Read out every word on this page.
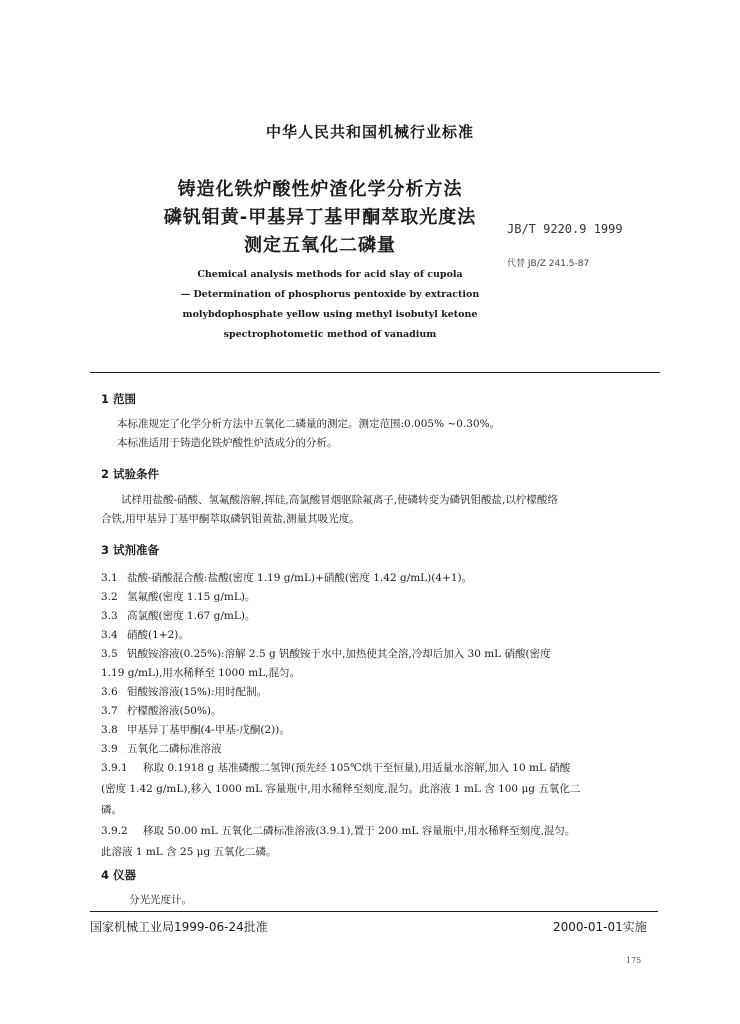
中华人民共和国机械行业标准
铸造化铁炉酸性炉渣化学分析方法
磷钒钼黄-甲基异丁基甲酮萃取光度法
测定五氧化二磷量
JB/T 9220.9 1999
代替 JB/Z 241.5-87
Chemical analysis methods for acid slay of cupola
— Determination of phosphorus pentoxide by extraction
molybdophosphate yellow using methyl isobutyl ketone
spectrophotometic method of vanadium
1 范围
本标准规定了化学分析方法中五氧化二磷量的测定。测定范围:0.005% ~0.30%。
本标准适用于铸造化铁炉酸性炉渣成分的分析。
2 试验条件
试样用盐酸-硝酸、氢氟酸溶解,挥硅,高氯酸冒烟驱除氟离子,使磷转变为磷钒钼酸盐,以柠檬酸络
合铁,用甲基异丁基甲酮萃取磷钒钼黄盐,测量其吸光度。
3 试剂准备
3.1 盐酸-硝酸混合酸:盐酸(密度 1.19 g/mL)+硝酸(密度 1.42 g/mL)(4+1)。
3.2 氢氟酸(密度 1.15 g/mL)。
3.3 高氯酸(密度 1.67 g/mL)。
3.4 硝酸(1+2)。
3.5 钒酸铵溶液(0.25%):溶解 2.5 g 钒酸铵于水中,加热使其全溶,冷却后加入 30 mL 硝酸(密度
1.19 g/mL),用水稀释至 1000 mL,混匀。
3.6 钼酸铵溶液(15%):用时配制。
3.7 柠檬酸溶液(50%)。
3.8 甲基异丁基甲酮(4-甲基-戊酮(2))。
3.9 五氧化二磷标准溶液
3.9.1 称取 0.1918 g 基准磷酸二氢钾(预先经 105℃烘干至恒量),用适量水溶解,加入 10 mL 硝酸
(密度 1.42 g/mL),移入 1000 mL 容量瓶中,用水稀释至刻度,混匀。此溶液 1 mL 含 100 μg 五氧化二
磷。
3.9.2 移取 50.00 mL 五氧化二磷标准溶液(3.9.1),置于 200 mL 容量瓶中,用水稀释至刻度,混匀。
此溶液 1 mL 含 25 μg 五氧化二磷。
4 仪器
分光光度计。
国家机械工业局1999-06-24批准	2000-01-01实施
175
